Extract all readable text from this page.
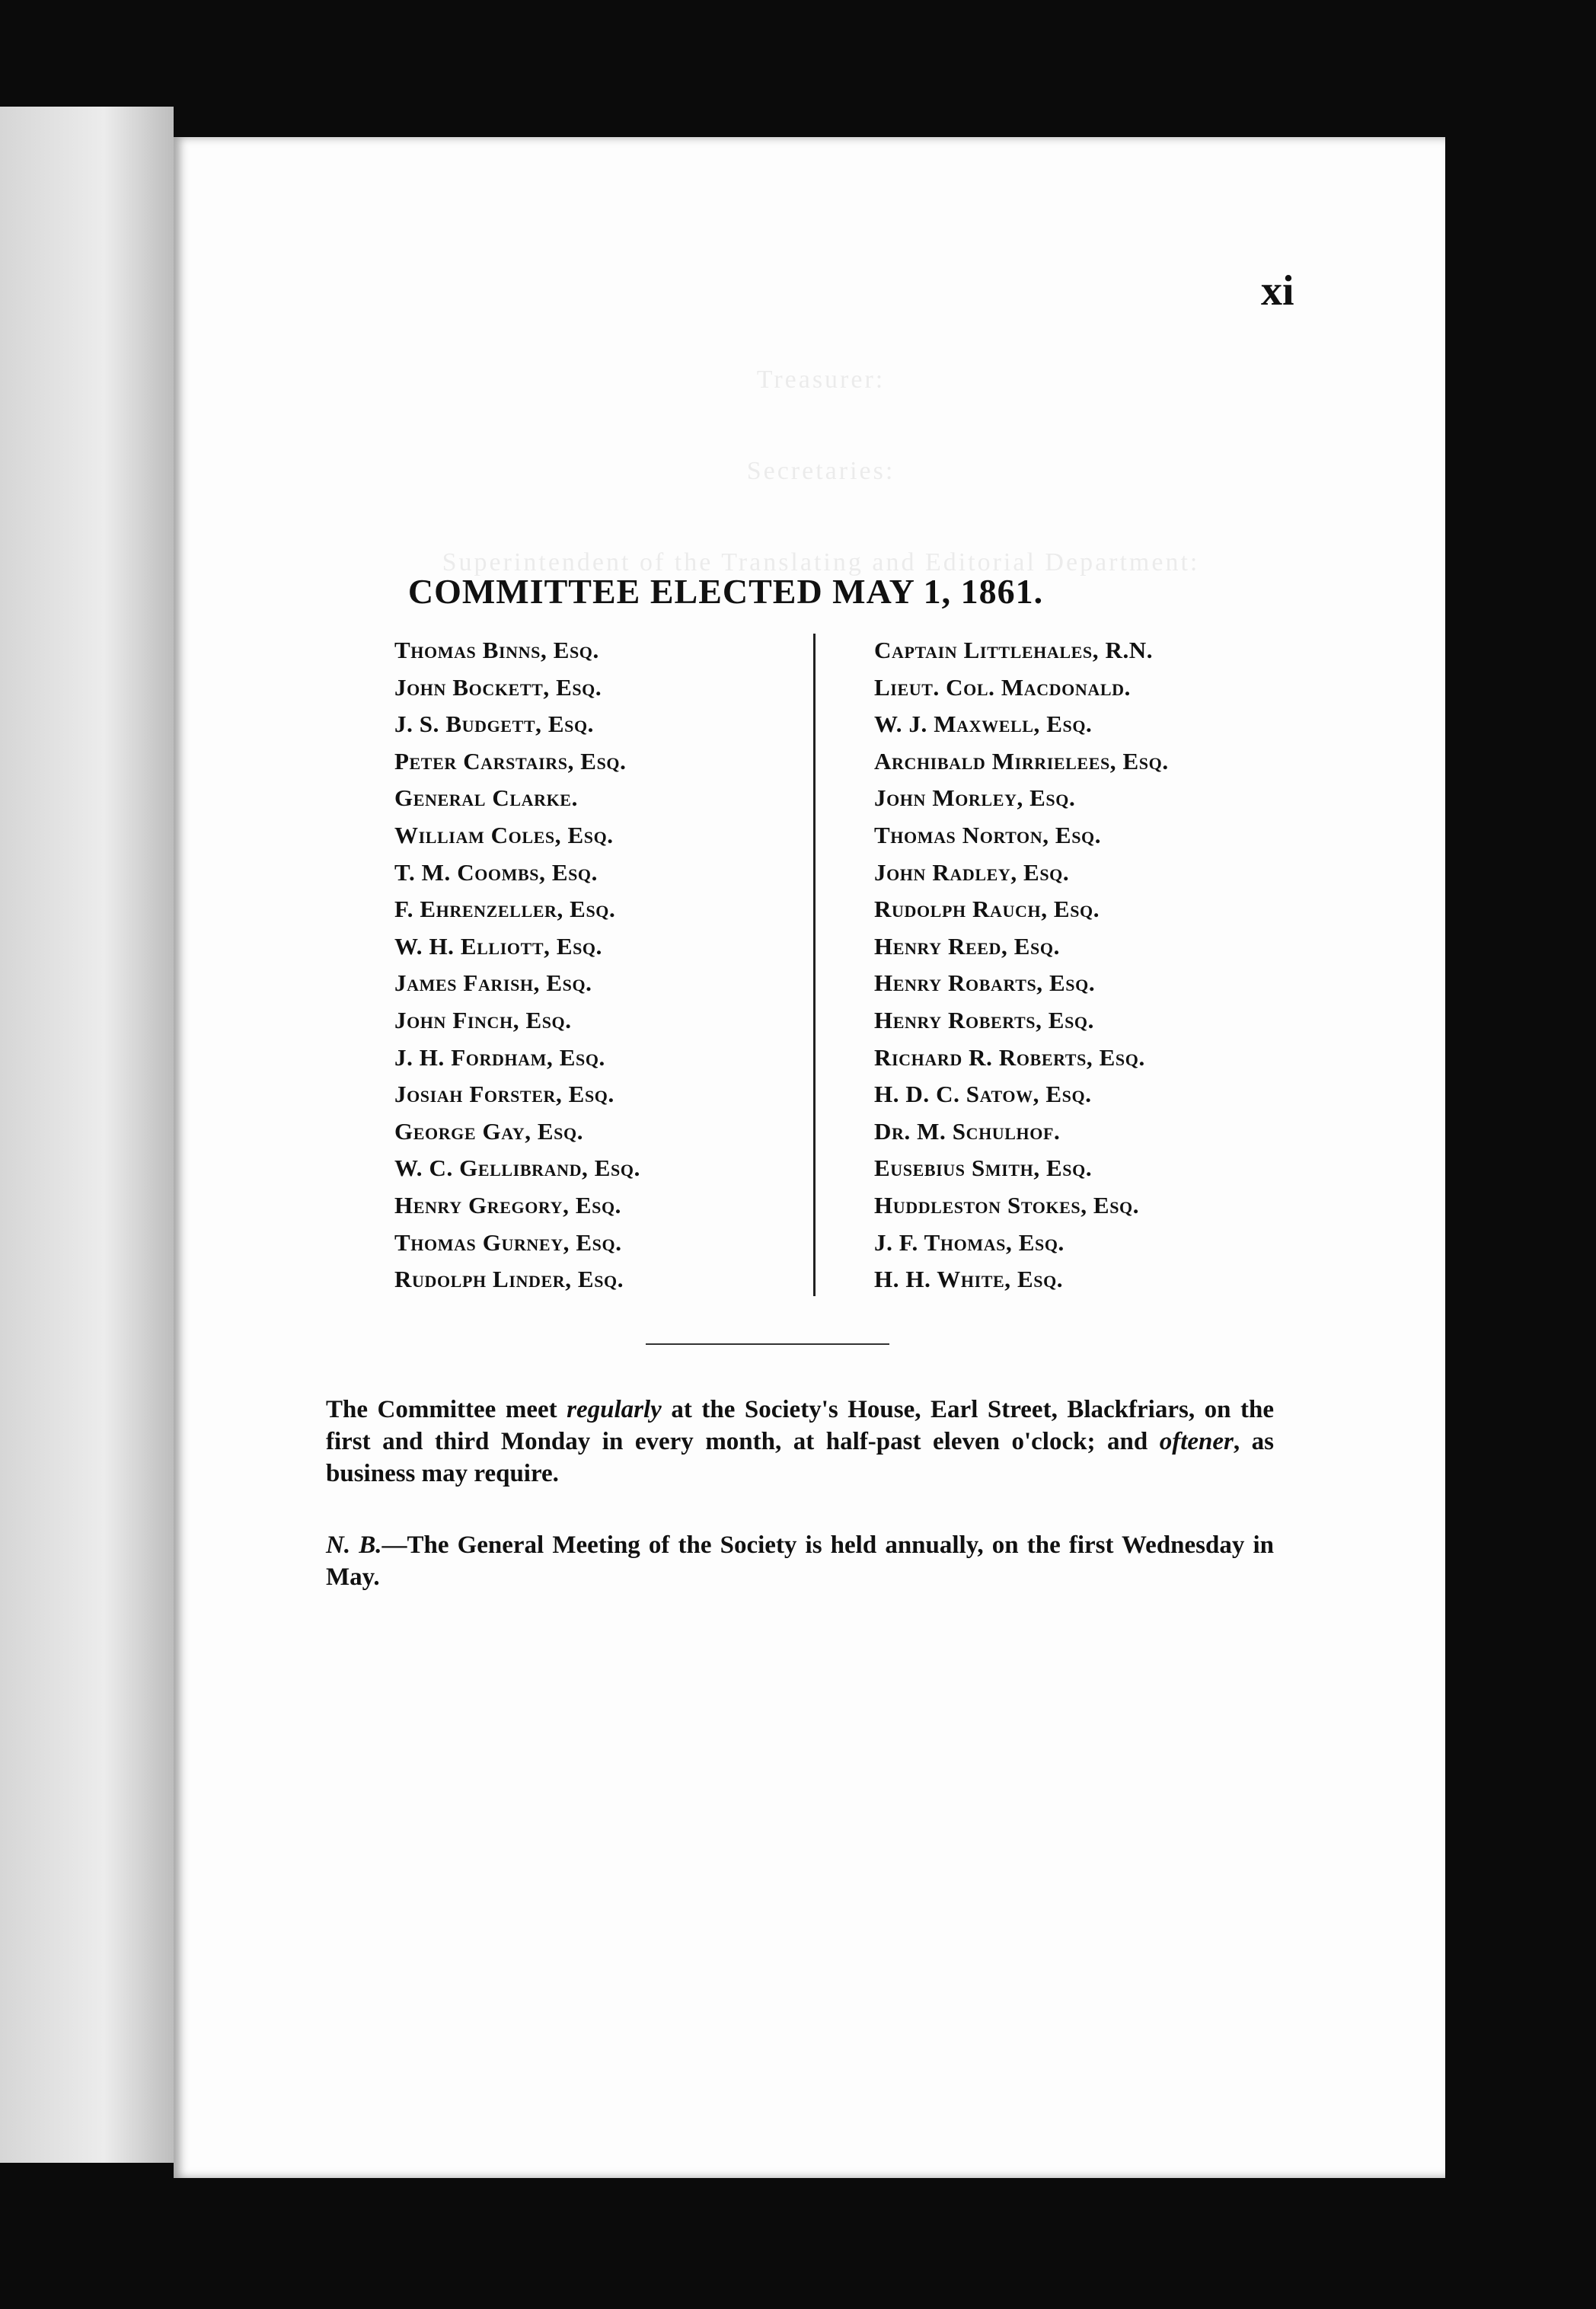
Treasurer:
Secretaries:
Superintendent of the Translating and Editorial Department:
xi
COMMITTEE ELECTED MAY 1, 1861.
Thomas Binns, Esq.
John Bockett, Esq.
J. S. Budgett, Esq.
Peter Carstairs, Esq.
General Clarke.
William Coles, Esq.
T. M. Coombs, Esq.
F. Ehrenzeller, Esq.
W. H. Elliott, Esq.
James Farish, Esq.
John Finch, Esq.
J. H. Fordham, Esq.
Josiah Forster, Esq.
George Gay, Esq.
W. C. Gellibrand, Esq.
Henry Gregory, Esq.
Thomas Gurney, Esq.
Rudolph Linder, Esq.
Captain Littlehales, R.N.
Lieut. Col. Macdonald.
W. J. Maxwell, Esq.
Archibald Mirrielees, Esq.
John Morley, Esq.
Thomas Norton, Esq.
John Radley, Esq.
Rudolph Rauch, Esq.
Henry Reed, Esq.
Henry Robarts, Esq.
Henry Roberts, Esq.
Richard R. Roberts, Esq.
H. D. C. Satow, Esq.
Dr. M. Schulhof.
Eusebius Smith, Esq.
Huddleston Stokes, Esq.
J. F. Thomas, Esq.
H. H. White, Esq.
The Committee meet regularly at the Society's House, Earl Street, Blackfriars, on the first and third Monday in every month, at half-past eleven o'clock; and oftener, as business may require.
N. B.—The General Meeting of the Society is held annually, on the first Wednesday in May.
